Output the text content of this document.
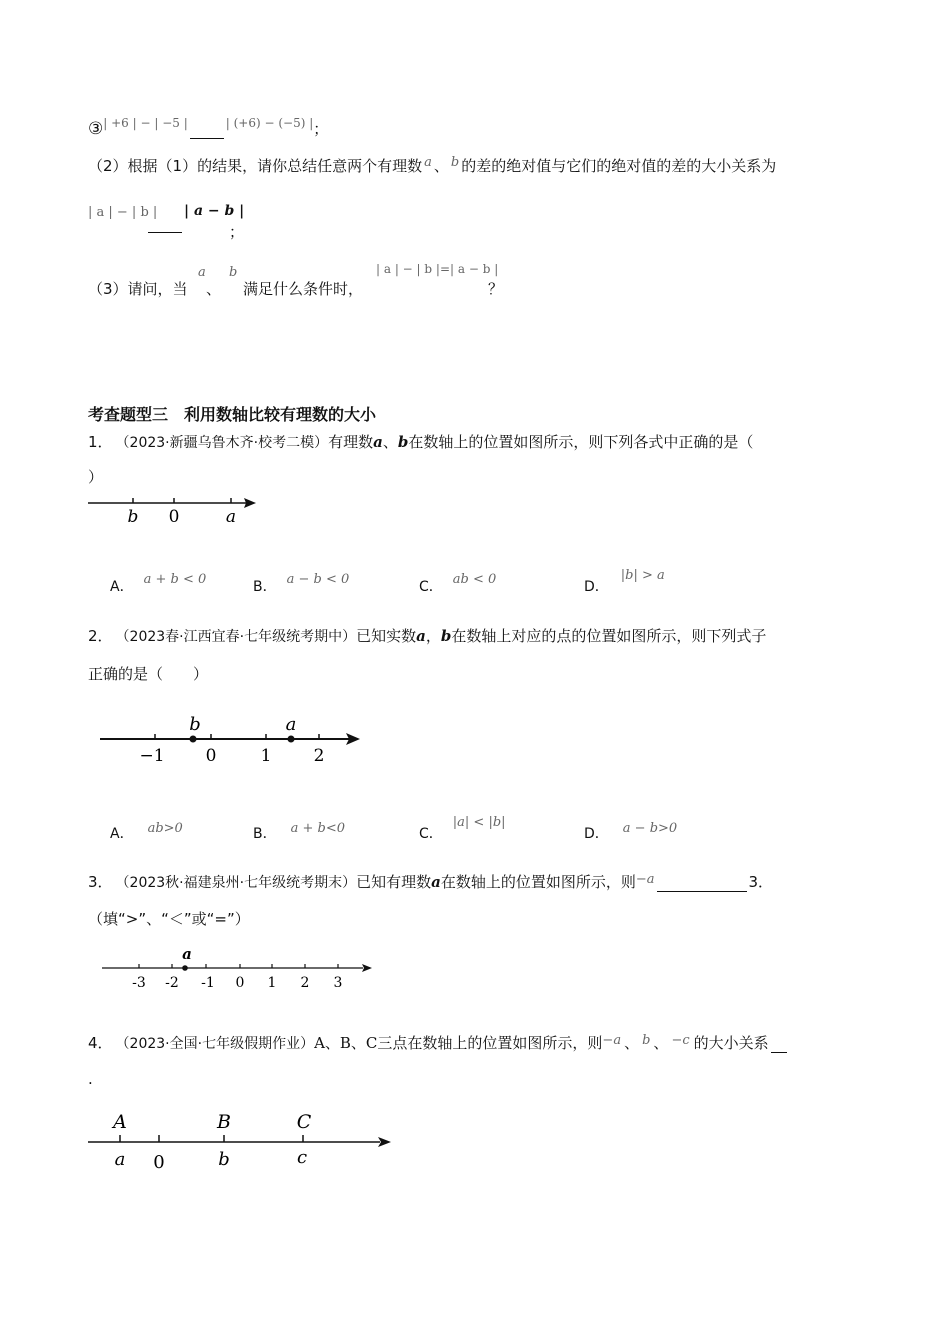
③$^{| +6 | - | -5 |}$	$^{| (+6) - (-5) |}$；
（2）根据（1）的结果，请你总结任意两个有理数 a 、 b 的差的绝对值与它们的绝对值的差的大小关系为
| a | − | b | | a − b |
；
（3）请问，当
a
、
b
满足什么条件时，
| a | − | b |=| a − b |
？
考查题型三　利用数轴比较有理数的大小
1． （2023·新疆乌鲁木齐·校考二模）有理数a、b在数轴上的位置如图所示，则下列各式中正确的是（
）
b 0	a
A． a + b < 0	B． a − b < 0	C． ab < 0	D．|b| > a
2． （2023春·江西宜春·七年级统考期中）已知实数a，b在数轴上对应的点的位置如图所示，则下列式子
正确的是（　　）
b	a
−1 0	1 2
A． ab>0	B． a + b<0	C．|a| < |b|
D． a − b>0
3． （2023秋·福建泉州·七年级统考期末）已知有理数a在数轴上的位置如图所示，则−a	3．
（填“>”、“＜”或“=”）
a
-3 -2 -1 0 1 2 3
4． （2023·全国·七年级假期作业）A、B、C三点在数轴上的位置如图所示，则−a 、 b 、 −c 的大小关系
.
A	B	C
a 0	b	c
